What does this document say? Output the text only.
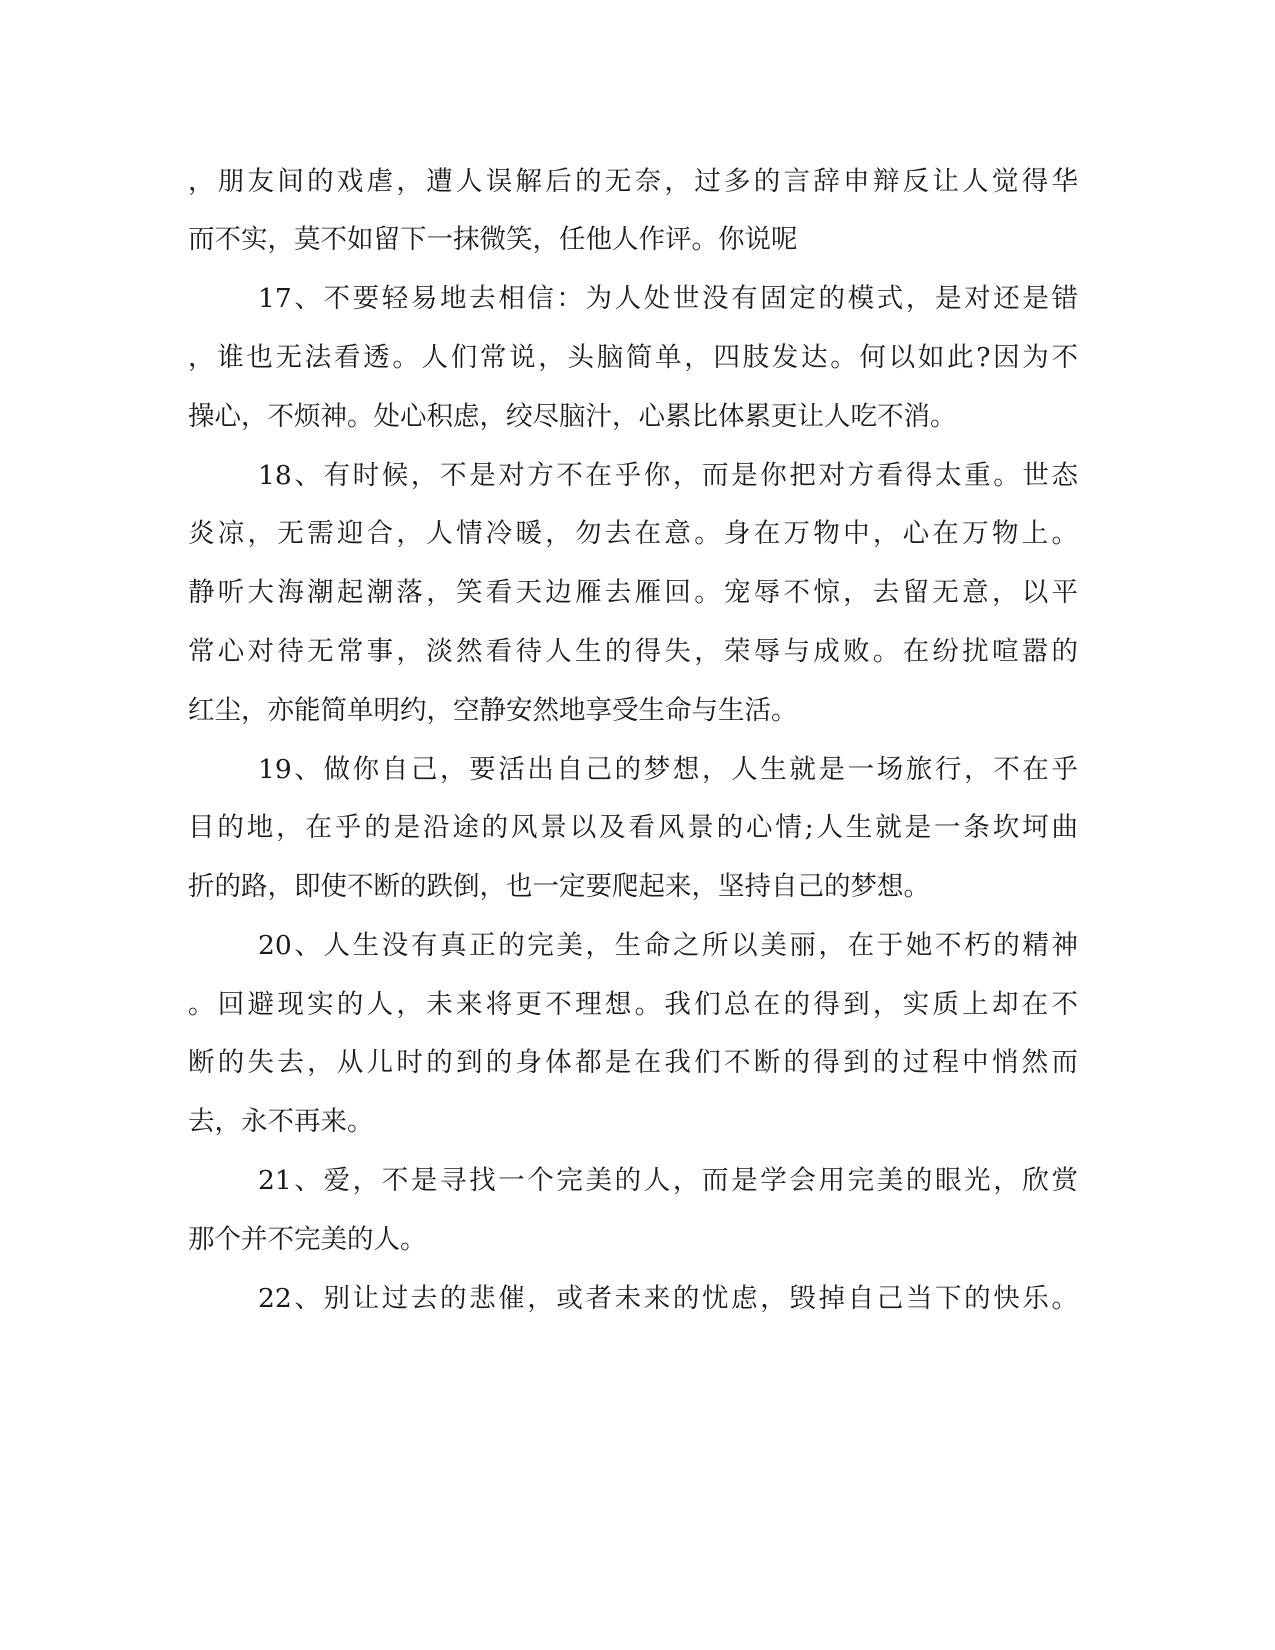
，朋友间的戏虐，遭人误解后的无奈，过多的言辞申辩反让人觉得华
而不实，莫不如留下一抹微笑，任他人作评。你说呢
17、不要轻易地去相信：为人处世没有固定的模式，是对还是错
，谁也无法看透。人们常说，头脑简单，四肢发达。何以如此?因为不
操心，不烦神。处心积虑，绞尽脑汁，心累比体累更让人吃不消。
18、有时候，不是对方不在乎你，而是你把对方看得太重。世态
炎凉，无需迎合，人情冷暖，勿去在意。身在万物中，心在万物上。
静听大海潮起潮落，笑看天边雁去雁回。宠辱不惊，去留无意，以平
常心对待无常事，淡然看待人生的得失，荣辱与成败。在纷扰喧嚣的
红尘，亦能简单明约，空静安然地享受生命与生活。
19、做你自己，要活出自己的梦想，人生就是一场旅行，不在乎
目的地，在乎的是沿途的风景以及看风景的心情;人生就是一条坎坷曲
折的路，即使不断的跌倒，也一定要爬起来，坚持自己的梦想。
20、人生没有真正的完美，生命之所以美丽，在于她不朽的精神
。回避现实的人，未来将更不理想。我们总在的得到，实质上却在不
断的失去，从儿时的到的身体都是在我们不断的得到的过程中悄然而
去，永不再来。
21、爱，不是寻找一个完美的人，而是学会用完美的眼光，欣赏
那个并不完美的人。
22、别让过去的悲催，或者未来的忧虑，毁掉自己当下的快乐。
